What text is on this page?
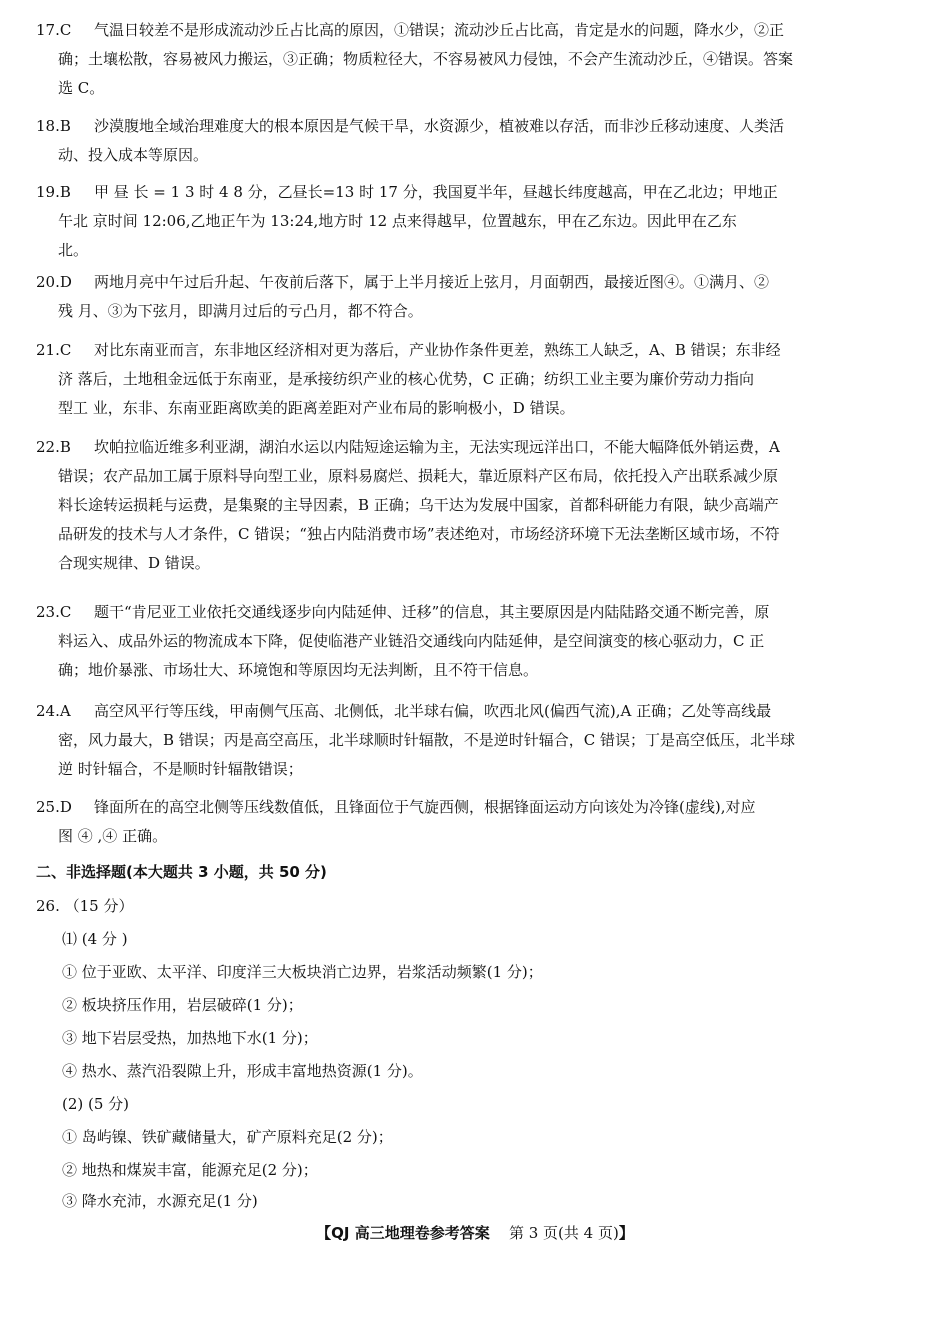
17.C 气温日较差不是形成流动沙丘占比高的原因，①错误；流动沙丘占比高，肯定是水的问题，降水少，②正
确；土壤松散，容易被风力搬运，③正确；物质粒径大，不容易被风力侵蚀，不会产生流动沙丘，④错误。答案
选 C。
18.B 沙漠腹地全域治理难度大的根本原因是气候干旱，水资源少，植被难以存活，而非沙丘移动速度、人类活
动、投入成本等原因。
19.B 甲 昼 长 = 1 3 时 4 8 分，乙昼长=13 时 17 分，我国夏半年，昼越长纬度越高，甲在乙北边；甲地正
午北 京时间 12:06,乙地正午为 13:24,地方时 12 点来得越早，位置越东，甲在乙东边。因此甲在乙东
北。
20.D 两地月亮中午过后升起、午夜前后落下，属于上半月接近上弦月，月面朝西，最接近图④。①满月、②
残 月、③为下弦月，即满月过后的亏凸月，都不符合。
21.C 对比东南亚而言，东非地区经济相对更为落后，产业协作条件更差，熟练工人缺乏，A、B 错误；东非经
济 落后，土地租金远低于东南亚，是承接纺织产业的核心优势，C 正确；纺织工业主要为廉价劳动力指向
型工 业，东非、东南亚距离欧美的距离差距对产业布局的影响极小，D 错误。
22.B 坎帕拉临近维多利亚湖，湖泊水运以内陆短途运输为主，无法实现远洋出口，不能大幅降低外销运费，A
错误；农产品加工属于原料导向型工业，原料易腐烂、损耗大，靠近原料产区布局，依托投入产出联系减少原
料长途转运损耗与运费，是集聚的主导因素，B 正确；乌干达为发展中国家，首都科研能力有限，缺少高端产
品研发的技术与人才条件，C 错误；“独占内陆消费市场”表述绝对，市场经济环境下无法垄断区域市场，不符
合现实规律、D 错误。
23.C 题干“肯尼亚工业依托交通线逐步向内陆延伸、迁移”的信息，其主要原因是内陆陆路交通不断完善，原
料运入、成品外运的物流成本下降，促使临港产业链沿交通线向内陆延伸，是空间演变的核心驱动力，C 正
确；地价暴涨、市场壮大、环境饱和等原因均无法判断，且不符干信息。
24.A 高空风平行等压线，甲南侧气压高、北侧低，北半球右偏，吹西北风(偏西气流),A 正确；乙处等高线最
密，风力最大，B 错误；丙是高空高压，北半球顺时针辐散，不是逆时针辐合，C 错误；丁是高空低压，北半球
逆 时针辐合，不是顺时针辐散错误；
25.D 锋面所在的高空北侧等压线数值低，且锋面位于气旋西侧，根据锋面运动方向该处为冷锋(虚线),对应
图 ④ ,④ 正确。
二、非选择题(本大题共 3 小题，共 50 分)
26. （15 分）
⑴ (4 分 )
① 位于亚欧、太平洋、印度洋三大板块消亡边界，岩浆活动频繁(1 分)；
② 板块挤压作用，岩层破碎(1 分)；
③ 地下岩层受热，加热地下水(1 分)；
④ 热水、蒸汽沿裂隙上升，形成丰富地热资源(1 分)。
(2) (5 分)
① 岛屿镍、铁矿藏储量大，矿产原料充足(2 分)；
② 地热和煤炭丰富，能源充足(2 分)；
③ 降水充沛，水源充足(1 分)
【QJ 高三地理卷参考答案 第 3 页(共 4 页)】
